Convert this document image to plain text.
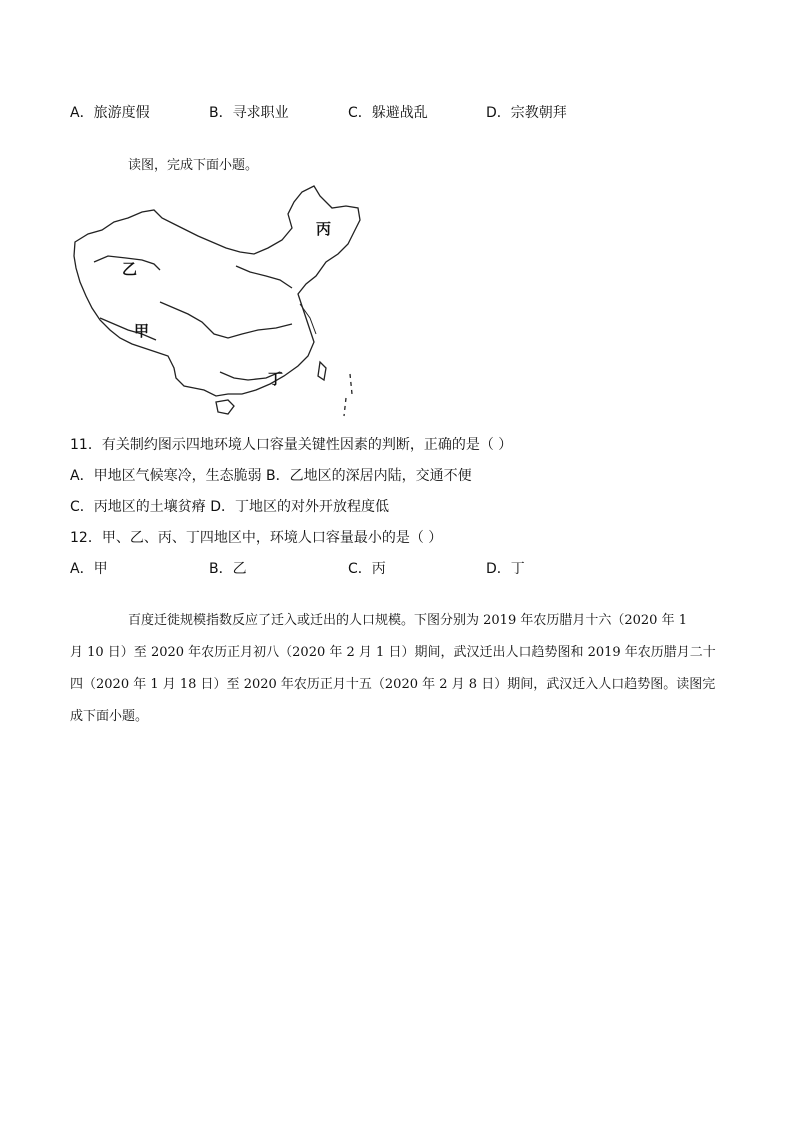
A．旅游度假	B．寻求职业	C．躲避战乱	D．宗教朝拜
读图，完成下面小题。
丙
乙
甲
丁
11．有关制约图示四地环境人口容量关键性因素的判断，正确的是（ ）
A．甲地区气候寒冷，生态脆弱 B．乙地区的深居内陆，交通不便
C．丙地区的土壤贫瘠 D．丁地区的对外开放程度低
12．甲、乙、丙、丁四地区中，环境人口容量最小的是（ ）
A．甲	B．乙	C．丙	D．丁
百度迁徙规模指数反应了迁入或迁出的人口规模。下图分别为 2019 年农历腊月十六（2020 年 1
月 10 日）至 2020 年农历正月初八（2020 年 2 月 1 日）期间，武汉迁出人口趋势图和 2019 年农历腊月二十
四（2020 年 1 月 18 日）至 2020 年农历正月十五（2020 年 2 月 8 日）期间，武汉迁入人口趋势图。读图完
成下面小题。
